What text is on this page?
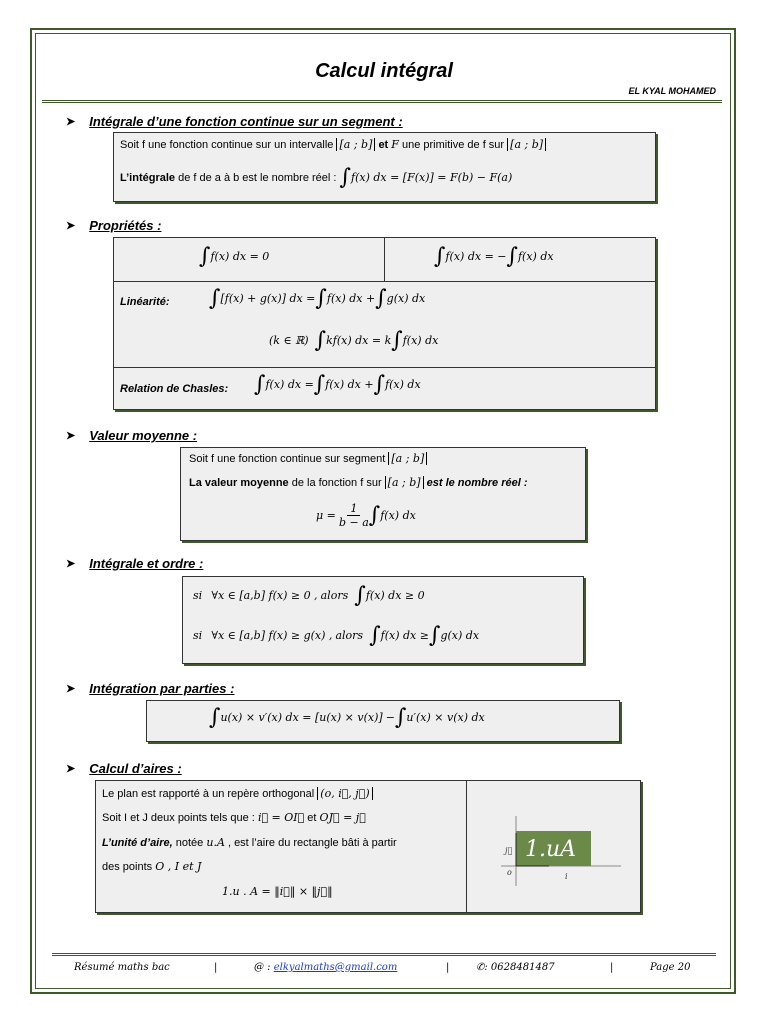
Calcul intégral
EL KYAL MOHAMED
➤ Intégrale d’une fonction continue sur un segment :
Soit f une fonction continue sur un intervalle [a ; b] et F une primitive de f sur [a ; b]
L’intégrale
de f de a à b est le nombre réel :
∫ f(x) dx = [F(x)] = F(b) − F(a)
➤ Propriétés :
∫ f(x) dx = 0	∫ f(x) dx = − ∫ f(x) dx
Linéarité: ∫ [f(x) + g(x)] dx = ∫ f(x) dx + ∫ g(x) dx
(k ∈ ℝ)
∫ kf(x) dx = k ∫ f(x) dx
Relation de Chasles: ∫ f(x) dx = ∫ f(x) dx + ∫ f(x) dx
➤ Valeur moyenne :
Soit f une fonction continue sur segment [a ; b]
La valeur moyenne de la fonction f sur [a ; b] est le nombre réel :
μ =
$\frac{1}{b - a}$ ∫ f(x) dx
➤ Intégrale et ordre :
si
∀x ∈ [a,b] f(x) ≥ 0 ,
alors
∫ f(x) dx ≥ 0
si
∀x ∈ [a,b] f(x) ≥ g(x) ,
alors
∫ f(x) dx ≥ ∫ g(x) dx
➤ Intégration par parties :
∫ u(x) × v′(x) dx = [u(x) × v(x)]
− ∫ u′(x) × v(x) dx
➤ Calcul d’aires :
Le plan est rapporté à un repère orthogonal (o, i⃗, j⃗)
Soit I et J deux points tels que : i⃗ = OI⃗ et OJ⃗ = j⃗
L’unité d’aire, notée u.A , est l’aire du rectangle bâti à partir
des points O , I et J
1.u . A = ‖i⃗‖ × ‖j⃗‖
1.uA
j⃗
o	i
Résumé maths bac	|	@ : elkyalmaths@gmail.com	|	✆: 0628481487	|	Page 20
